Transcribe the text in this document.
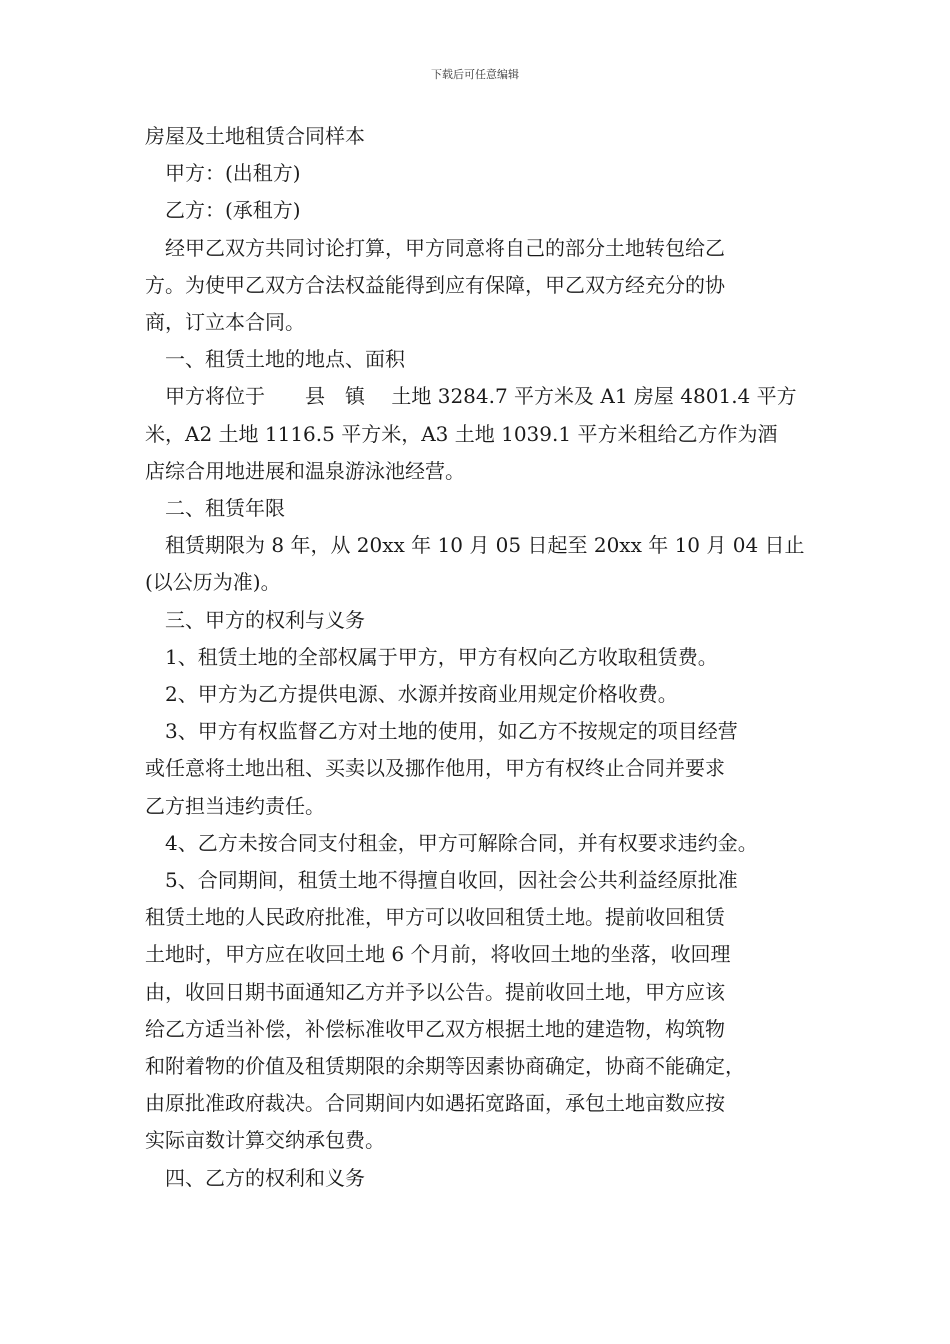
下载后可任意编辑

房屋及土地租赁合同样本

甲方：(出租方)

乙方：(承租方)

经甲乙双方共同讨论打算，甲方同意将自己的部分土地转包给乙

方。为使甲乙双方合法权益能得到应有保障，甲乙双方经充分的协

商，订立本合同。

一、租赁土地的地点、面积

甲方将位于　　县　镇　 土地 3284.7 平方米及 A1 房屋 4801.4 平方

米，A2 土地 1116.5 平方米，A3 土地 1039.1 平方米租给乙方作为酒

店综合用地进展和温泉游泳池经营。

二、租赁年限

租赁期限为 8 年，从 20xx 年 10 月 05 日起至 20xx 年 10 月 04 日止

(以公历为准)。

三、甲方的权利与义务

1、租赁土地的全部权属于甲方，甲方有权向乙方收取租赁费。

2、甲方为乙方提供电源、水源并按商业用规定价格收费。

3、甲方有权监督乙方对土地的使用，如乙方不按规定的项目经营

或任意将土地出租、买卖以及挪作他用，甲方有权终止合同并要求

乙方担当违约责任。

4、乙方未按合同支付租金，甲方可解除合同，并有权要求违约金。

5、合同期间，租赁土地不得擅自收回，因社会公共利益经原批准

租赁土地的人民政府批准，甲方可以收回租赁土地。提前收回租赁

土地时，甲方应在收回土地 6 个月前，将收回土地的坐落，收回理

由，收回日期书面通知乙方并予以公告。提前收回土地，甲方应该

给乙方适当补偿，补偿标准收甲乙双方根据土地的建造物，构筑物

和附着物的价值及租赁期限的余期等因素协商确定，协商不能确定，

由原批准政府裁决。合同期间内如遇拓宽路面，承包土地亩数应按

实际亩数计算交纳承包费。

四、乙方的权利和义务
